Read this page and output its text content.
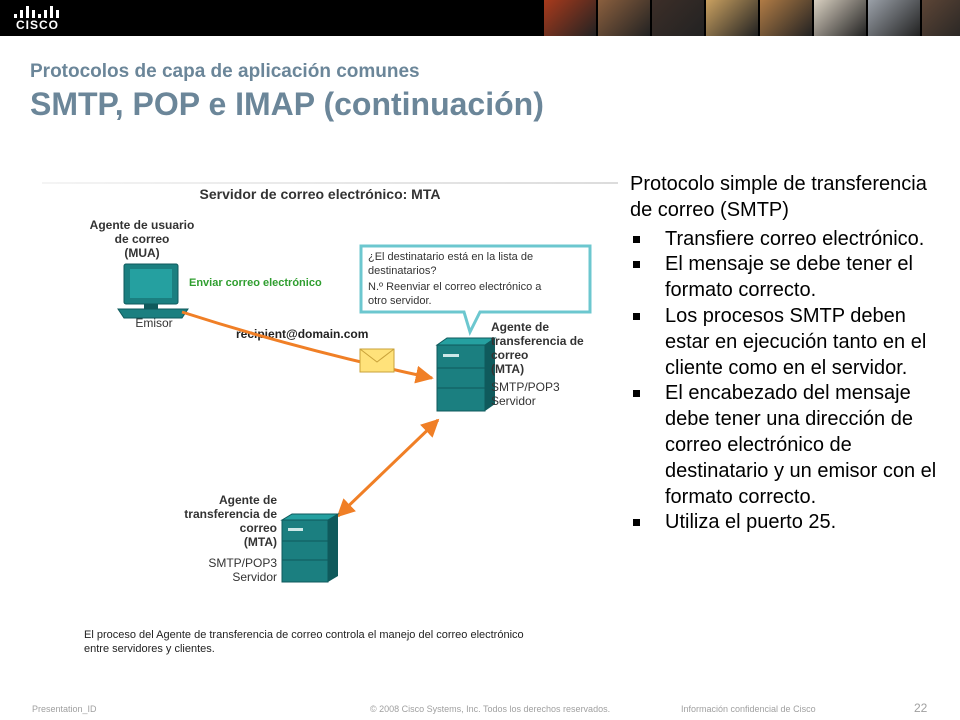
CISCO
Protocolos de capa de aplicación comunes
SMTP, POP e IMAP (continuación)
Servidor de correo electrónico: MTA
Agente de usuario
de correo
(MUA)
Emisor
Enviar correo electrónico
recipient@domain.com
¿El destinatario está en la lista de
destinatarios?
N.º Reenviar el correo electrónico a
otro servidor.
Agente de
transferencia de
correo
(MTA)
SMTP/POP3
Servidor
Agente de
transferencia de
correo
(MTA)
SMTP/POP3
Servidor
El proceso del Agente de transferencia de correo controla el manejo del correo electrónico entre servidores y clientes.
Protocolo simple de transferencia de correo (SMTP)
Transfiere correo electrónico.
El mensaje se debe tener el formato correcto.
Los procesos SMTP deben estar en ejecución tanto en el cliente como en el servidor.
El encabezado del mensaje debe tener una dirección de correo electrónico de destinatario y un emisor con el formato correcto.
Utiliza el puerto 25.
Presentation_ID	© 2008 Cisco Systems, Inc. Todos los derechos reservados.	Información confidencial de Cisco	22
